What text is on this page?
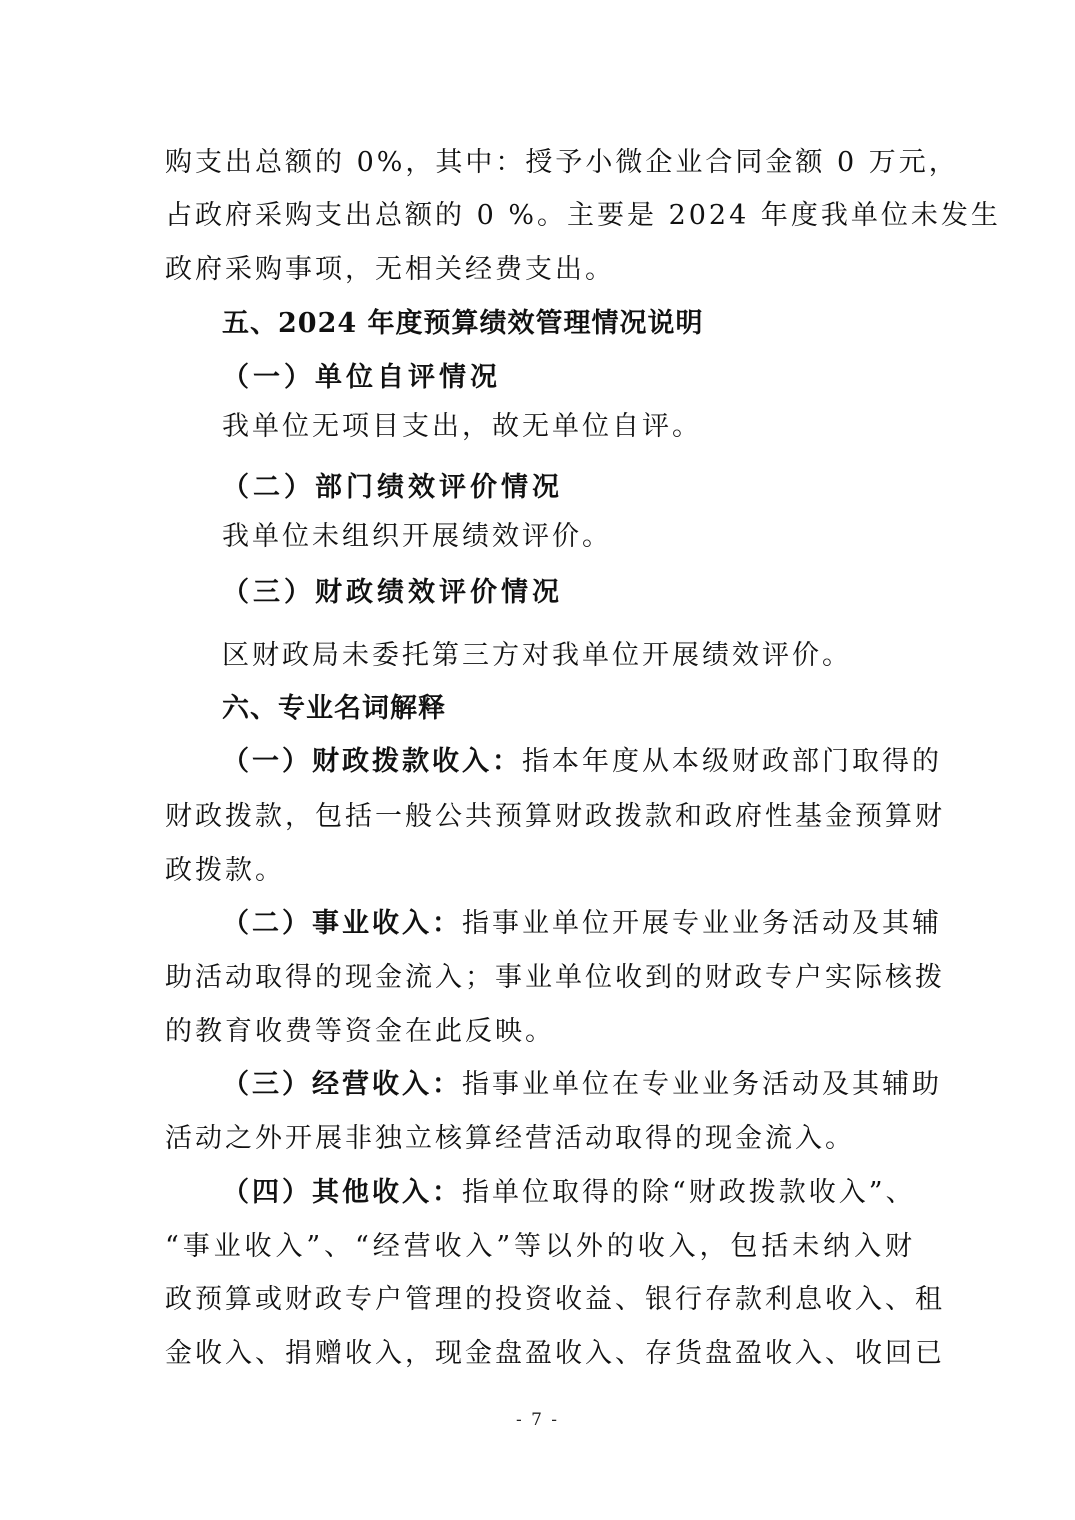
购支出总额的 0%，其中：授予小微企业合同金额 0 万元，
占政府采购支出总额的 0 %。主要是 2024 年度我单位未发生
政府采购事项，无相关经费支出。
五、2024 年度预算绩效管理情况说明
（一）单位自评情况
我单位无项目支出，故无单位自评。
（二）部门绩效评价情况
我单位未组织开展绩效评价。
（三）财政绩效评价情况
区财政局未委托第三方对我单位开展绩效评价。
六、专业名词解释
（一）财政拨款收入：指本年度从本级财政部门取得的
财政拨款，包括一般公共预算财政拨款和政府性基金预算财
政拨款。
（二）事业收入：指事业单位开展专业业务活动及其辅
助活动取得的现金流入；事业单位收到的财政专户实际核拨
的教育收费等资金在此反映。
（三）经营收入：指事业单位在专业业务活动及其辅助
活动之外开展非独立核算经营活动取得的现金流入。
（四）其他收入：指单位取得的除“财政拨款收入”、
“事业收入”、“经营收入”等以外的收入，包括未纳入财
政预算或财政专户管理的投资收益、银行存款利息收入、租
金收入、捐赠收入，现金盘盈收入、存货盘盈收入、收回已
- 7 -
